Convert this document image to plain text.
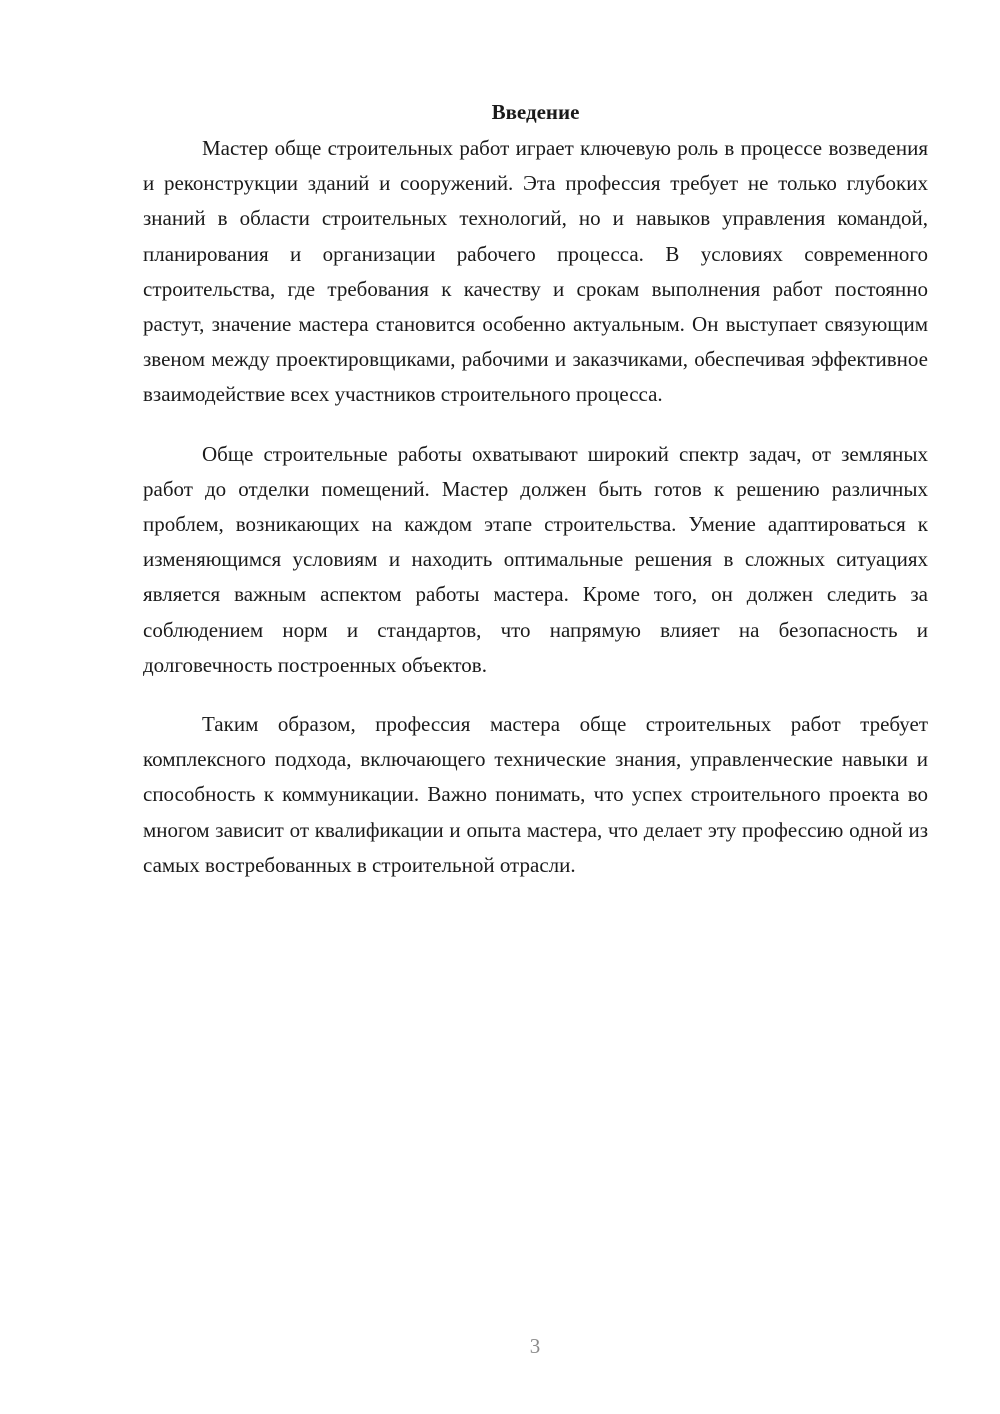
Введение

Мастер обще строительных работ играет ключевую роль в процессе возведения и реконструкции зданий и сооружений. Эта профессия требует не только глубоких знаний в области строительных технологий, но и навыков управления командой, планирования и организации рабочего процесса. В условиях современного строительства, где требования к качеству и срокам выполнения работ постоянно растут, значение мастера становится особенно актуальным. Он выступает связующим звеном между проектировщиками, рабочими и заказчиками, обеспечивая эффективное взаимодействие всех участников строительного процесса.

Обще строительные работы охватывают широкий спектр задач, от земляных работ до отделки помещений. Мастер должен быть готов к решению различных проблем, возникающих на каждом этапе строительства. Умение адаптироваться к изменяющимся условиям и находить оптимальные решения в сложных ситуациях является важным аспектом работы мастера. Кроме того, он должен следить за соблюдением норм и стандартов, что напрямую влияет на безопасность и долговечность построенных объектов.

Таким образом, профессия мастера обще строительных работ требует комплексного подхода, включающего технические знания, управленческие навыки и способность к коммуникации. Важно понимать, что успех строительного проекта во многом зависит от квалификации и опыта мастера, что делает эту профессию одной из самых востребованных в строительной отрасли.

3
